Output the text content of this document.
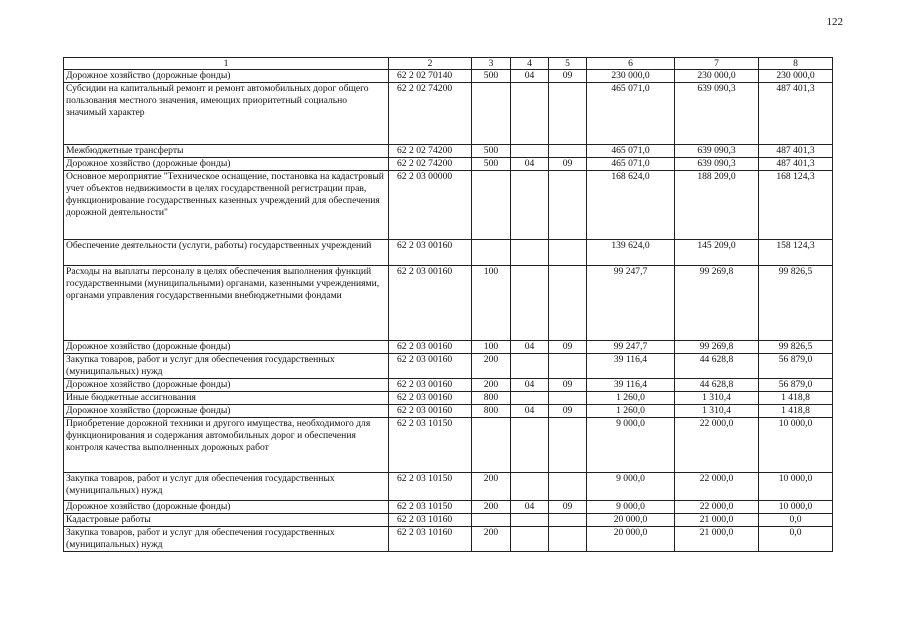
122
1	2	3	4	5	6	7	8
Дорожное хозяйство (дорожные фонды)	62 2 02 70140	500	04	09	230 000,0	230 000,0	230 000,0
Субсидии на капитальный ремонт и ремонт автомобильных дорог общего пользования местного значения, имеющих приоритетный социально значимый характер	62 2 02 74200				465 071,0	639 090,3	487 401,3
Межбюджетные трансферты	62 2 02 74200	500			465 071,0	639 090,3	487 401,3
Дорожное хозяйство (дорожные фонды)	62 2 02 74200	500	04	09	465 071,0	639 090,3	487 401,3
Основное мероприятие "Техническое оснащение, постановка на кадастровый учет объектов недвижимости в целях государственной регистрации прав, функционирование государственных казенных учреждений для обеспечения дорожной деятельности"	62 2 03 00000				168 624,0	188 209,0	168 124,3
Обеспечение деятельности (услуги, работы) государственных учреждений	62 2 03 00160				139 624,0	145 209,0	158 124,3
Расходы на выплаты персоналу в целях обеспечения выполнения функций государственными (муниципальными) органами, казенными учреждениями, органами управления государственными внебюджетными фондами	62 2 03 00160	100			99 247,7	99 269,8	99 826,5
Дорожное хозяйство (дорожные фонды)	62 2 03 00160	100	04	09	99 247,7	99 269,8	99 826,5
Закупка товаров, работ и услуг для обеспечения государственных (муниципальных) нужд	62 2 03 00160	200			39 116,4	44 628,8	56 879,0
Дорожное хозяйство (дорожные фонды)	62 2 03 00160	200	04	09	39 116,4	44 628,8	56 879,0
Иные бюджетные ассигнования	62 2 03 00160	800			1 260,0	1 310,4	1 418,8
Дорожное хозяйство (дорожные фонды)	62 2 03 00160	800	04	09	1 260,0	1 310,4	1 418,8
Приобретение дорожной техники и другого имущества, необходимого для функционирования и содержания автомобильных дорог и обеспечения контроля качества выполненных дорожных работ	62 2 03 10150				9 000,0	22 000,0	10 000,0
Закупка товаров, работ и услуг для обеспечения государственных (муниципальных) нужд	62 2 03 10150	200			9 000,0	22 000,0	10 000,0
Дорожное хозяйство (дорожные фонды)	62 2 03 10150	200	04	09	9 000,0	22 000,0	10 000,0
Кадастровые работы	62 2 03 10160				20 000,0	21 000,0	0,0
Закупка товаров, работ и услуг для обеспечения государственных (муниципальных) нужд	62 2 03 10160	200			20 000,0	21 000,0	0,0
